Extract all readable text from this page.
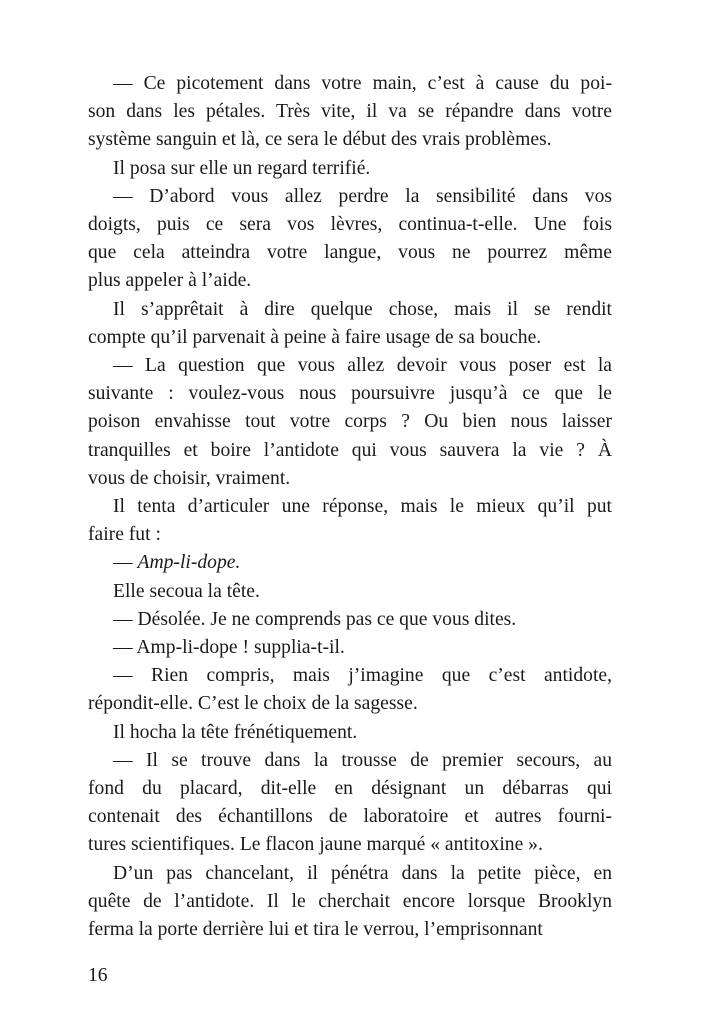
— Ce picotement dans votre main, c’est à cause du poi-
son dans les pétales. Très vite, il va se répandre dans votre
système sanguin et là, ce sera le début des vrais problèmes.
Il posa sur elle un regard terrifié.
— D’abord vous allez perdre la sensibilité dans vos
doigts, puis ce sera vos lèvres, continua-t-elle. Une fois
que cela atteindra votre langue, vous ne pourrez même
plus appeler à l’aide.
Il s’apprêtait à dire quelque chose, mais il se rendit
compte qu’il parvenait à peine à faire usage de sa bouche.
— La question que vous allez devoir vous poser est la
suivante : voulez-vous nous poursuivre jusqu’à ce que le
poison envahisse tout votre corps ? Ou bien nous laisser
tranquilles et boire l’antidote qui vous sauvera la vie ? À
vous de choisir, vraiment.
Il tenta d’articuler une réponse, mais le mieux qu’il put
faire fut :
— Amp-li-dope.
Elle secoua la tête.
— Désolée. Je ne comprends pas ce que vous dites.
— Amp-li-dope ! supplia-t-il.
— Rien compris, mais j’imagine que c’est antidote,
répondit-elle. C’est le choix de la sagesse.
Il hocha la tête frénétiquement.
— Il se trouve dans la trousse de premier secours, au
fond du placard, dit-elle en désignant un débarras qui
contenait des échantillons de laboratoire et autres fourni-
tures scientifiques. Le flacon jaune marqué « antitoxine ».
D’un pas chancelant, il pénétra dans la petite pièce, en
quête de l’antidote. Il le cherchait encore lorsque Brooklyn
ferma la porte derrière lui et tira le verrou, l’emprisonnant
16
